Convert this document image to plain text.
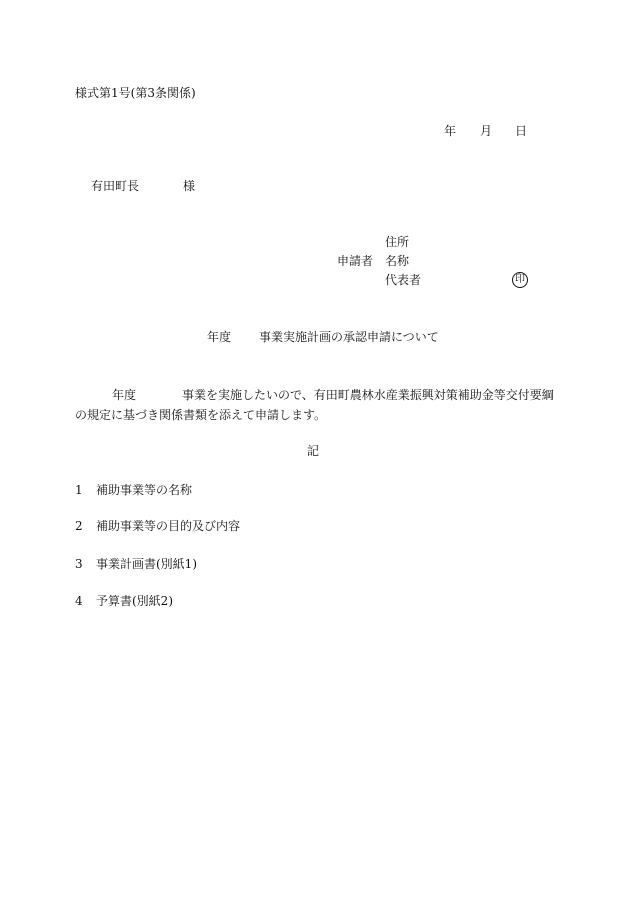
様式第1号(第3条関係)
年 月 日
有田町長	様
住所
申請者 名称
代表者	印
年度 事業実施計画の承認申請について
年度	事業を実施したいので、有田町農林水産業振興対策補助金等交付要綱の規定に基づき関係書類を添えて申請します。
記
1 補助事業等の名称
2 補助事業等の目的及び内容
3 事業計画書(別紙1)
4 予算書(別紙2)
